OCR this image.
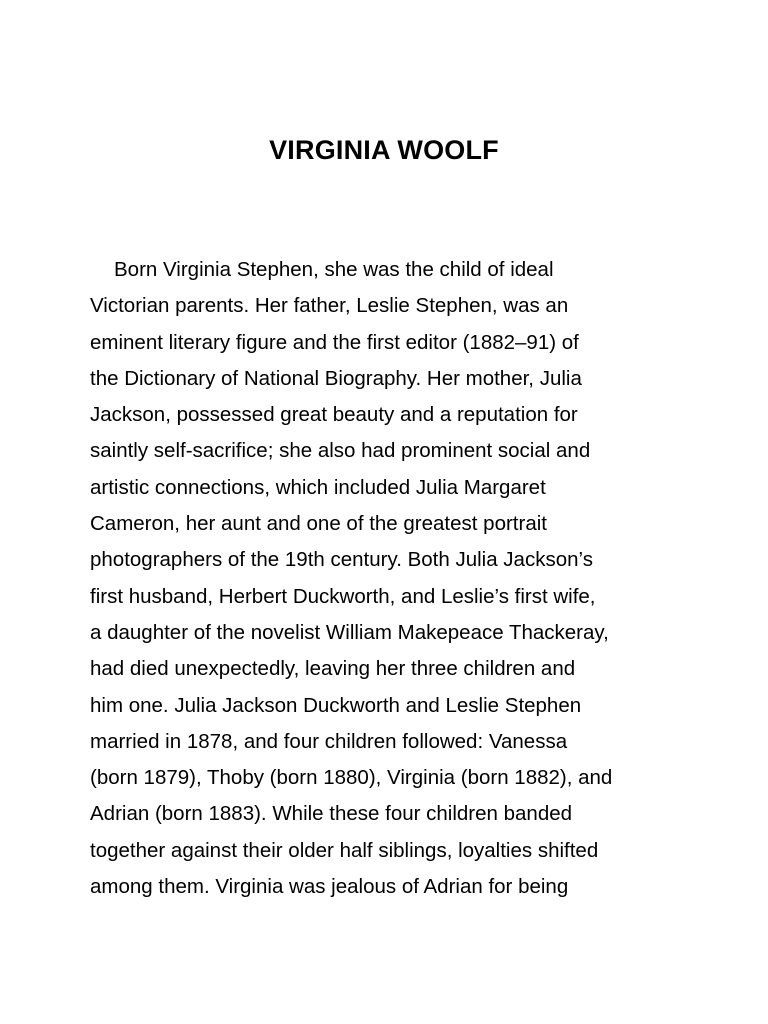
VIRGINIA WOOLF
Born Virginia Stephen, she was the child of ideal
Victorian parents. Her father, Leslie Stephen, was an
eminent literary figure and the first editor (1882–91) of
the Dictionary of National Biography. Her mother, Julia
Jackson, possessed great beauty and a reputation for
saintly self-sacrifice; she also had prominent social and
artistic connections, which included Julia Margaret
Cameron, her aunt and one of the greatest portrait
photographers of the 19th century. Both Julia Jackson’s
first husband, Herbert Duckworth, and Leslie’s first wife,
a daughter of the novelist William Makepeace Thackeray,
had died unexpectedly, leaving her three children and
him one. Julia Jackson Duckworth and Leslie Stephen
married in 1878, and four children followed: Vanessa
(born 1879), Thoby (born 1880), Virginia (born 1882), and
Adrian (born 1883). While these four children banded
together against their older half siblings, loyalties shifted
among them. Virginia was jealous of Adrian for being
